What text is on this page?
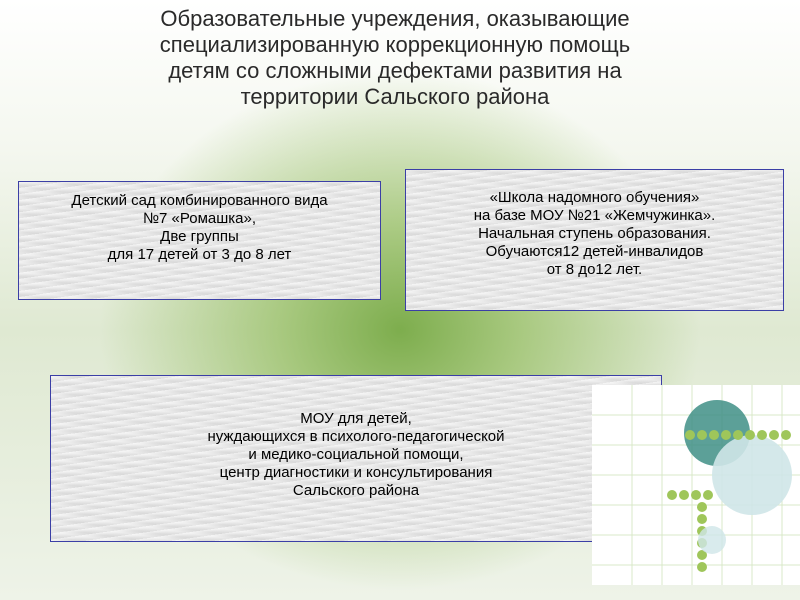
Образовательные учреждения, оказывающие
специализированную коррекционную помощь
детям со сложными дефектами развития на
территории Сальского района
Детский сад комбинированного вида
№7 «Ромашка»,
Две группы
для 17 детей от 3 до 8 лет
«Школа надомного обучения»
на базе МОУ №21 «Жемчужинка».
Начальная ступень образования.
Обучаются12 детей-инвалидов
от 8 до12 лет.
МОУ для детей,
нуждающихся в психолого-педагогической
и медико-социальной помощи,
центр диагностики и консультирования
Сальского района
